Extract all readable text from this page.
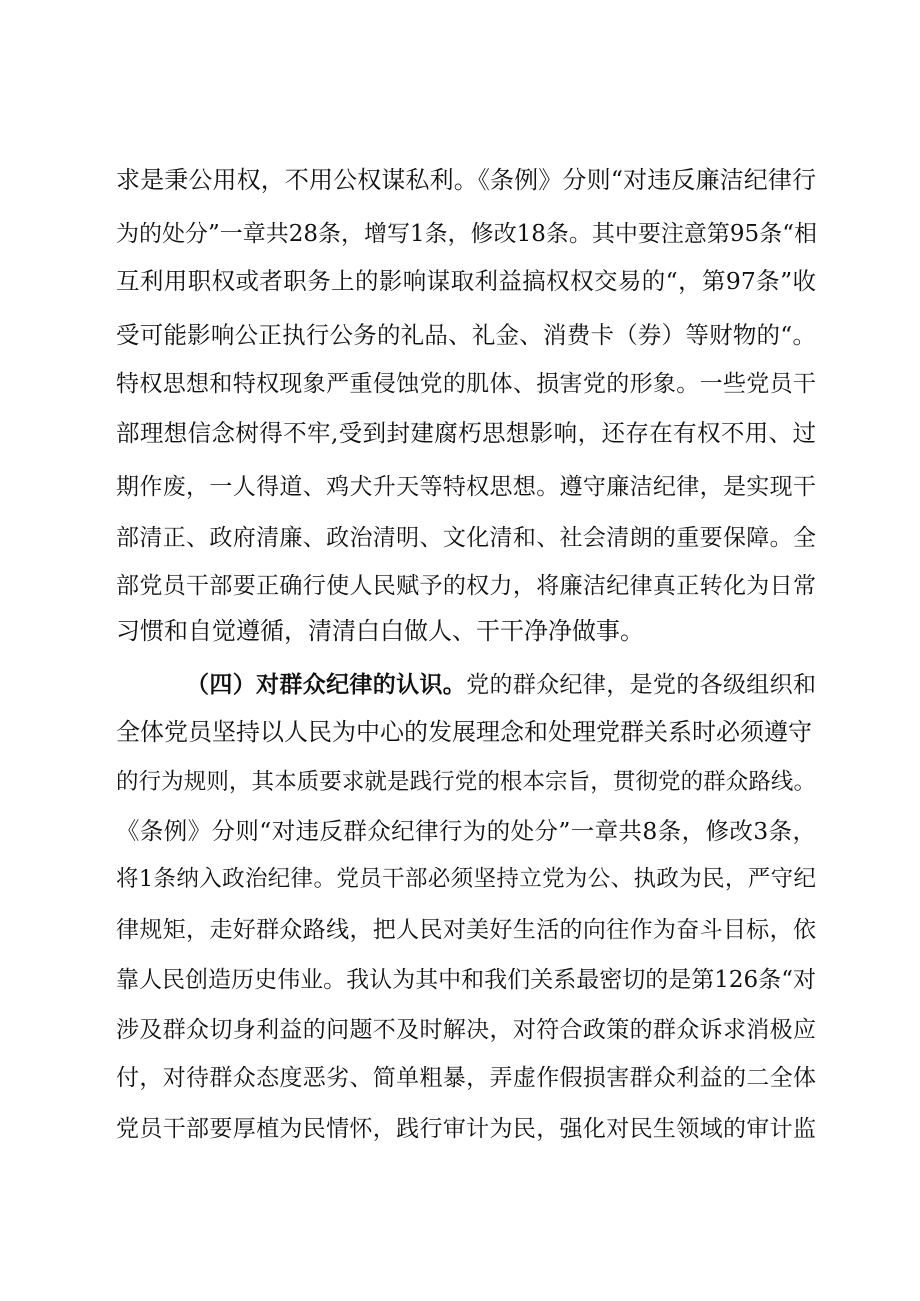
求是秉公用权，不用公权谋私利。《条例》分则“对违反廉洁纪律行
为的处分”一章共28条，增写1条，修改18条。其中要注意第95条“相
互利用职权或者职务上的影响谋取利益搞权权交易的“，第97条”收
受可能影响公正执行公务的礼品、礼金、消费卡（券）等财物的“。
特权思想和特权现象严重侵蚀党的肌体、损害党的形象。一些党员干
部理想信念树得不牢,受到封建腐朽思想影响，还存在有权不用、过
期作废，一人得道、鸡犬升天等特权思想。遵守廉洁纪律，是实现干
部清正、政府清廉、政治清明、文化清和、社会清朗的重要保障。全
部党员干部要正确行使人民赋予的权力，将廉洁纪律真正转化为日常
习惯和自觉遵循，清清白白做人、干干净净做事。
（四）对群众纪律的认识。党的群众纪律，是党的各级组织和
全体党员坚持以人民为中心的发展理念和处理党群关系时必须遵守
的行为规则，其本质要求就是践行党的根本宗旨，贯彻党的群众路线。
《条例》分则“对违反群众纪律行为的处分”一章共8条，修改3条，
将1条纳入政治纪律。党员干部必须坚持立党为公、执政为民，严守纪
律规矩，走好群众路线，把人民对美好生活的向往作为奋斗目标，依
靠人民创造历史伟业。我认为其中和我们关系最密切的是第126条“对
涉及群众切身利益的问题不及时解决，对符合政策的群众诉求消极应
付，对待群众态度恶劣、简单粗暴，弄虚作假损害群众利益的二全体
党员干部要厚植为民情怀，践行审计为民，强化对民生领域的审计监
